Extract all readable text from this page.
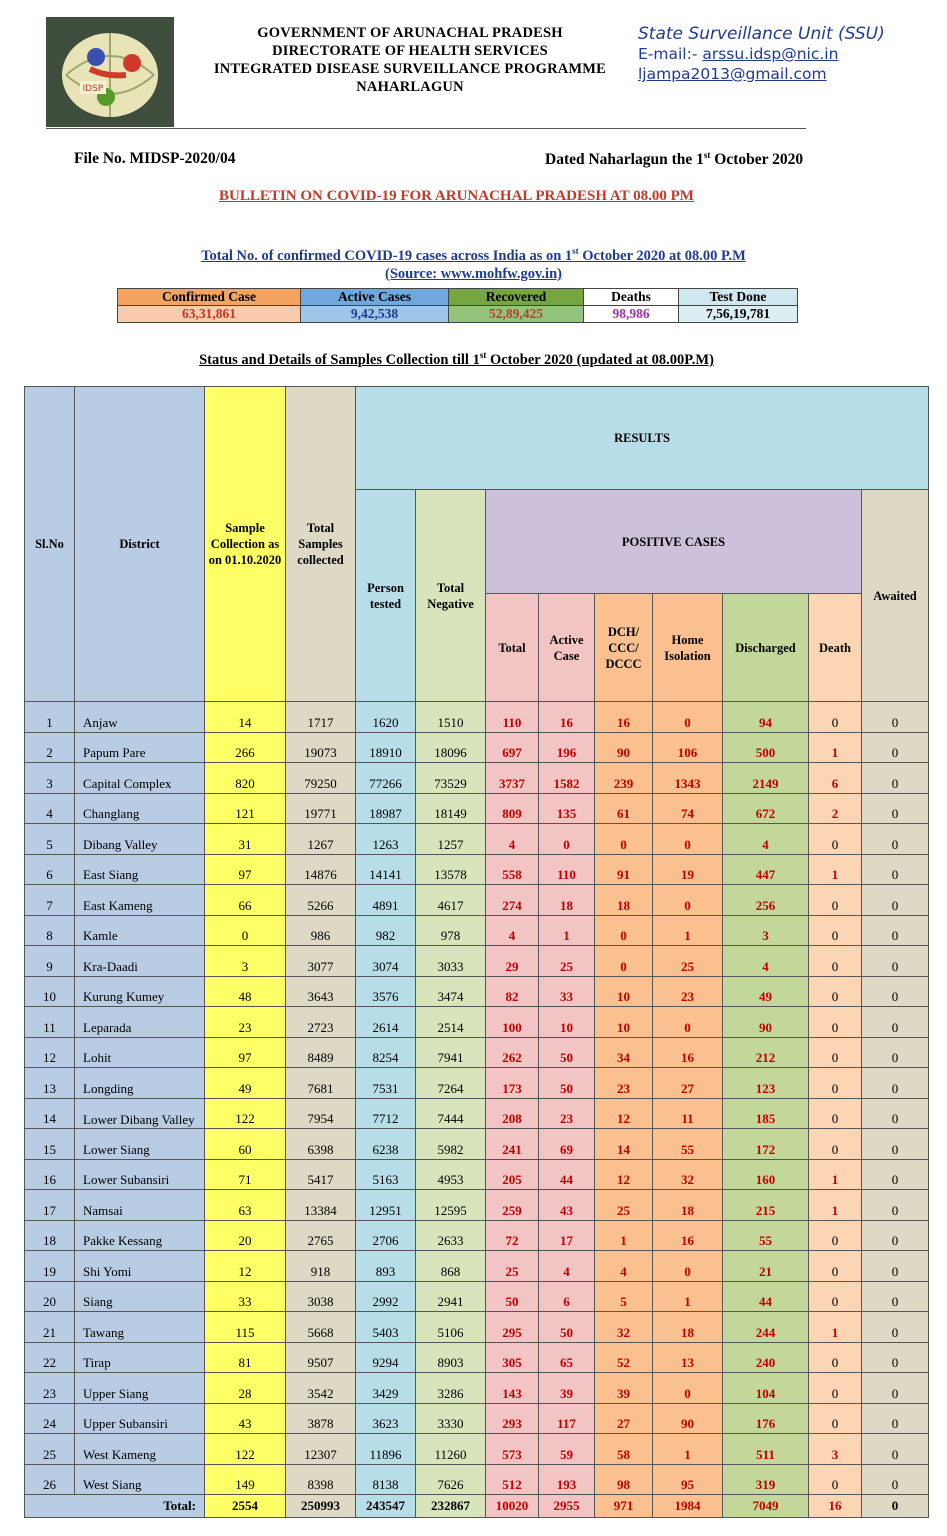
IDSP
GOVERNMENT OF ARUNACHAL PRADESH
DIRECTORATE OF HEALTH SERVICES
INTEGRATED DISEASE SURVEILLANCE PROGRAMME
NAHARLAGUN
State Surveillance Unit (SSU)
E-mail:- arssu.idsp@nic.in
ljampa2013@gmail.com
File No. MIDSP-2020/04	Dated Naharlagun the 1st October 2020
BULLETIN ON COVID-19 FOR ARUNACHAL PRADESH AT 08.00 PM
Total No. of confirmed COVID-19 cases across India as on 1st October 2020 at 08.00 P.M
(Source: www.mohfw.gov.in)
Confirmed Case	Active Cases	Recovered	Deaths	Test Done
63,31,861	9,42,538	52,89,425	98,986	7,56,19,781
Status and Details of Samples Collection till 1st October 2020 (updated at 08.00P.M)
Sl.No	District	Sample Collection as on 01.10.2020	Total Samples collected	RESULTS								
				Person tested	Total Negative	POSITIVE CASES						Awaited
						Total	Active Case	DCH/ CCC/ DCCC	Home Isolation	Discharged	Death	
1	Anjaw	14	1717	1620	1510	110	16	16	0	94	0	0
2	Papum Pare	266	19073	18910	18096	697	196	90	106	500	1	0
3	Capital Complex	820	79250	77266	73529	3737	1582	239	1343	2149	6	0
4	Changlang	121	19771	18987	18149	809	135	61	74	672	2	0
5	Dibang Valley	31	1267	1263	1257	4	0	0	0	4	0	0
6	East Siang	97	14876	14141	13578	558	110	91	19	447	1	0
7	East Kameng	66	5266	4891	4617	274	18	18	0	256	0	0
8	Kamle	0	986	982	978	4	1	0	1	3	0	0
9	Kra-Daadi	3	3077	3074	3033	29	25	0	25	4	0	0
10	Kurung Kumey	48	3643	3576	3474	82	33	10	23	49	0	0
11	Leparada	23	2723	2614	2514	100	10	10	0	90	0	0
12	Lohit	97	8489	8254	7941	262	50	34	16	212	0	0
13	Longding	49	7681	7531	7264	173	50	23	27	123	0	0
14	Lower Dibang Valley	122	7954	7712	7444	208	23	12	11	185	0	0
15	Lower Siang	60	6398	6238	5982	241	69	14	55	172	0	0
16	Lower Subansiri	71	5417	5163	4953	205	44	12	32	160	1	0
17	Namsai	63	13384	12951	12595	259	43	25	18	215	1	0
18	Pakke Kessang	20	2765	2706	2633	72	17	1	16	55	0	0
19	Shi Yomi	12	918	893	868	25	4	4	0	21	0	0
20	Siang	33	3038	2992	2941	50	6	5	1	44	0	0
21	Tawang	115	5668	5403	5106	295	50	32	18	244	1	0
22	Tirap	81	9507	9294	8903	305	65	52	13	240	0	0
23	Upper Siang	28	3542	3429	3286	143	39	39	0	104	0	0
24	Upper Subansiri	43	3878	3623	3330	293	117	27	90	176	0	0
25	West Kameng	122	12307	11896	11260	573	59	58	1	511	3	0
26	West Siang	149	8398	8138	7626	512	193	98	95	319	0	0
Total:		2554	250993	243547	232867	10020	2955	971	1984	7049	16	0
